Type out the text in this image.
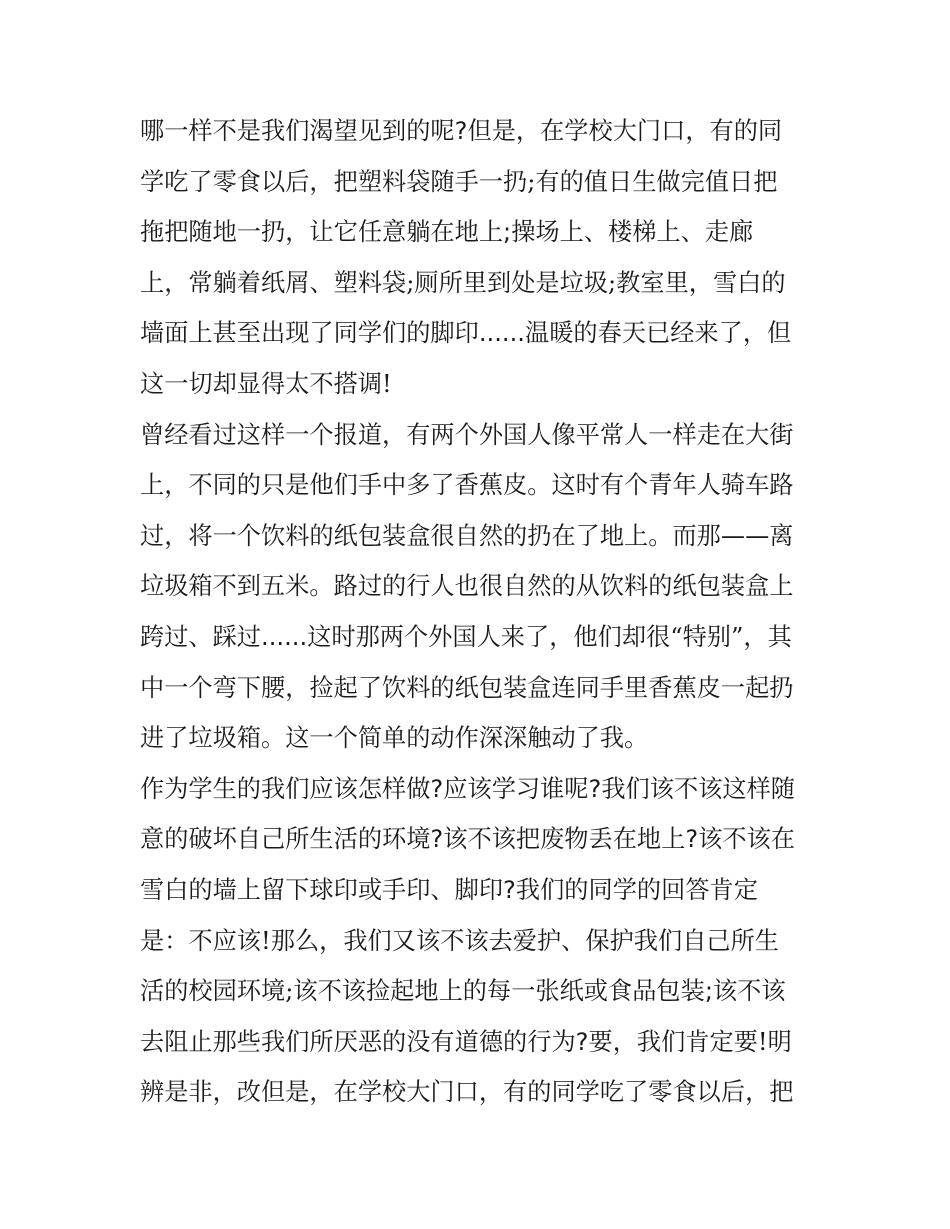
哪一样不是我们渴望见到的呢?但是，在学校大门口，有的同
学吃了零食以后，把塑料袋随手一扔;有的值日生做完值日把
拖把随地一扔，让它任意躺在地上;操场上、楼梯上、走廊
上，常躺着纸屑、塑料袋;厕所里到处是垃圾;教室里，雪白的
墙面上甚至出现了同学们的脚印......温暖的春天已经来了，但
这一切却显得太不搭调!
曾经看过这样一个报道，有两个外国人像平常人一样走在大街
上，不同的只是他们手中多了香蕉皮。这时有个青年人骑车路
过，将一个饮料的纸包装盒很自然的扔在了地上。而那——离
垃圾箱不到五米。路过的行人也很自然的从饮料的纸包装盒上
跨过、踩过......这时那两个外国人来了，他们却很“特别”，其
中一个弯下腰，捡起了饮料的纸包装盒连同手里香蕉皮一起扔
进了垃圾箱。这一个简单的动作深深触动了我。
作为学生的我们应该怎样做?应该学习谁呢?我们该不该这样随
意的破坏自己所生活的环境?该不该把废物丢在地上?该不该在
雪白的墙上留下球印或手印、脚印?我们的同学的回答肯定
是：不应该!那么，我们又该不该去爱护、保护我们自己所生
活的校园环境;该不该捡起地上的每一张纸或食品包装;该不该
去阻止那些我们所厌恶的没有道德的行为?要，我们肯定要!明
辨是非，改但是，在学校大门口，有的同学吃了零食以后，把
